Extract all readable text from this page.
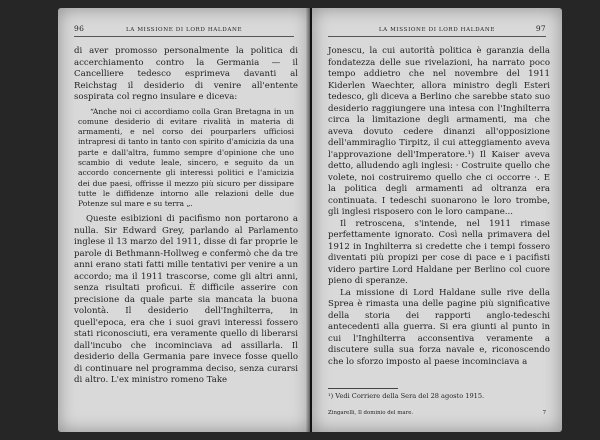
96	LA MISSIONE DI LORD HALDANE

di aver promosso personalmente la politica di accerchiamento contro la Germania — il Cancelliere tedesco esprimeva davanti al Reichstag il desiderio di venire all'entente sospirata col regno insulare e diceva:

“Anche noi ci accordiamo colla Gran Bretagna in un comune desiderio di evitare rivalità in materia di armamenti, e nel corso dei pourparlers ufficiosi intrapresi di tanto in tanto con spirito d'amicizia da una parte e dall'altra, fummo sempre d'opinione che uno scambio di vedute leale, sincero, e seguito da un accordo concernente gli interessi politici e l'amicizia dei due paesi, offrisse il mezzo più sicuro per dissipare tutte le diffidenze intorno alle relazioni delle due Potenze sul mare e su terra „.

Queste esibizioni di pacifismo non portarono a nulla. Sir Edward Grey, parlando al Parlamento inglese il 13 marzo del 1911, disse di far proprie le parole di Bethmann-Hollweg e confermò che da tre anni erano stati fatti mille tentativi per venire a un accordo; ma il 1911 trascorse, come gli altri anni, senza risultati proficui. È difficile asserire con precisione da quale parte sia mancata la buona volontà. Il desiderio dell'Inghilterra, in quell'epoca, era che i suoi gravi interessi fossero stati riconosciuti, era veramente quello di liberarsi dall'incubo che incominciava ad assillarla. Il desiderio della Germania pare invece fosse quello di continuare nel programma deciso, senza curarsi di altro. L'ex ministro romeno Take

LA MISSIONE DI LORD HALDANE	97

Jonescu, la cui autorità politica è garanzia della fondatezza delle sue rivelazioni, ha narrato poco tempo addietro che nel novembre del 1911 Kiderlen Waechter, allora ministro degli Esteri tedesco, gli diceva a Berlino che sarebbe stato suo desiderio raggiungere una intesa con l'Inghilterra circa la limitazione degli armamenti, ma che aveva dovuto cedere dinanzi all'opposizione dell'ammiraglio Tirpitz, il cui atteggiamento aveva l'approvazione dell'Imperatore.¹) Il Kaiser aveva detto, alludendo agli inglesi: · Costruite quello che volete, noi costruiremo quello che ci occorre ·. E la politica degli armamenti ad oltranza era continuata. I tedeschi suonarono le loro trombe, gli inglesi risposero con le loro campane...

Il retroscena, s'intende, nel 1911 rimase perfettamente ignorato. Così nella primavera del 1912 in Inghilterra si credette che i tempi fossero diventati più propizi per cose di pace e i pacifisti videro partire Lord Haldane per Berlino col cuore pieno di speranze.

La missione di Lord Haldane sulle rive della Sprea è rimasta una delle pagine più significative della storia dei rapporti anglo-tedeschi antecedenti alla guerra. Si era giunti al punto in cui l'Inghilterra acconsentiva veramente a discutere sulla sua forza navale e, riconoscendo che lo sforzo imposto al paese incominciava a

¹) Vedi Corriere della Sera del 28 agosto 1915.
Zingarelli, Il dominio del mare.	7
